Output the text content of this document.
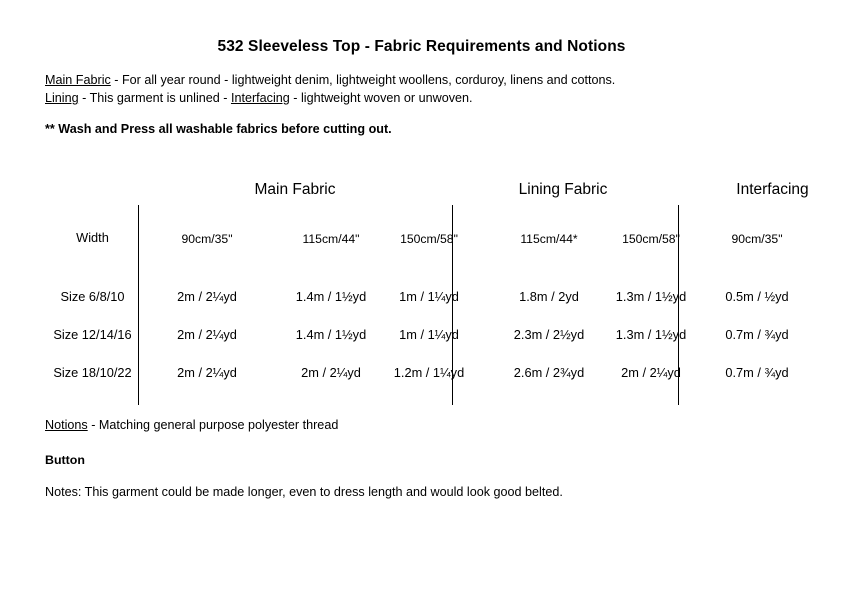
532 Sleeveless Top - Fabric Requirements and Notions
Main Fabric - For all year round - lightweight denim, lightweight woollens, corduroy, linens and cottons.
Lining - This garment is unlined - Interfacing - lightweight woven or unwoven.
** Wash and Press all washable fabrics before cutting out.
Main Fabric	Lining Fabric	Interfacing
Width	90cm/35"	115cm/44"	150cm/58"	115cm/44*	150cm/58"	90cm/35"
Size 6/8/10	2m / 2¼yd	1.4m / 1½yd	1m / 1¼yd	1.8m / 2yd	1.3m / 1½yd	0.5m / ½yd
Size 12/14/16	2m / 2¼yd	1.4m / 1½yd	1m / 1¼yd	2.3m / 2½yd	1.3m / 1½yd	0.7m / ¾yd
Size 18/10/22	2m / 2¼yd	2m / 2¼yd	1.2m / 1¼yd	2.6m / 2¾yd	2m / 2¼yd	0.7m / ¾yd
Notions - Matching general purpose polyester thread
Button
Notes: This garment could be made longer, even to dress length and would look good belted.
